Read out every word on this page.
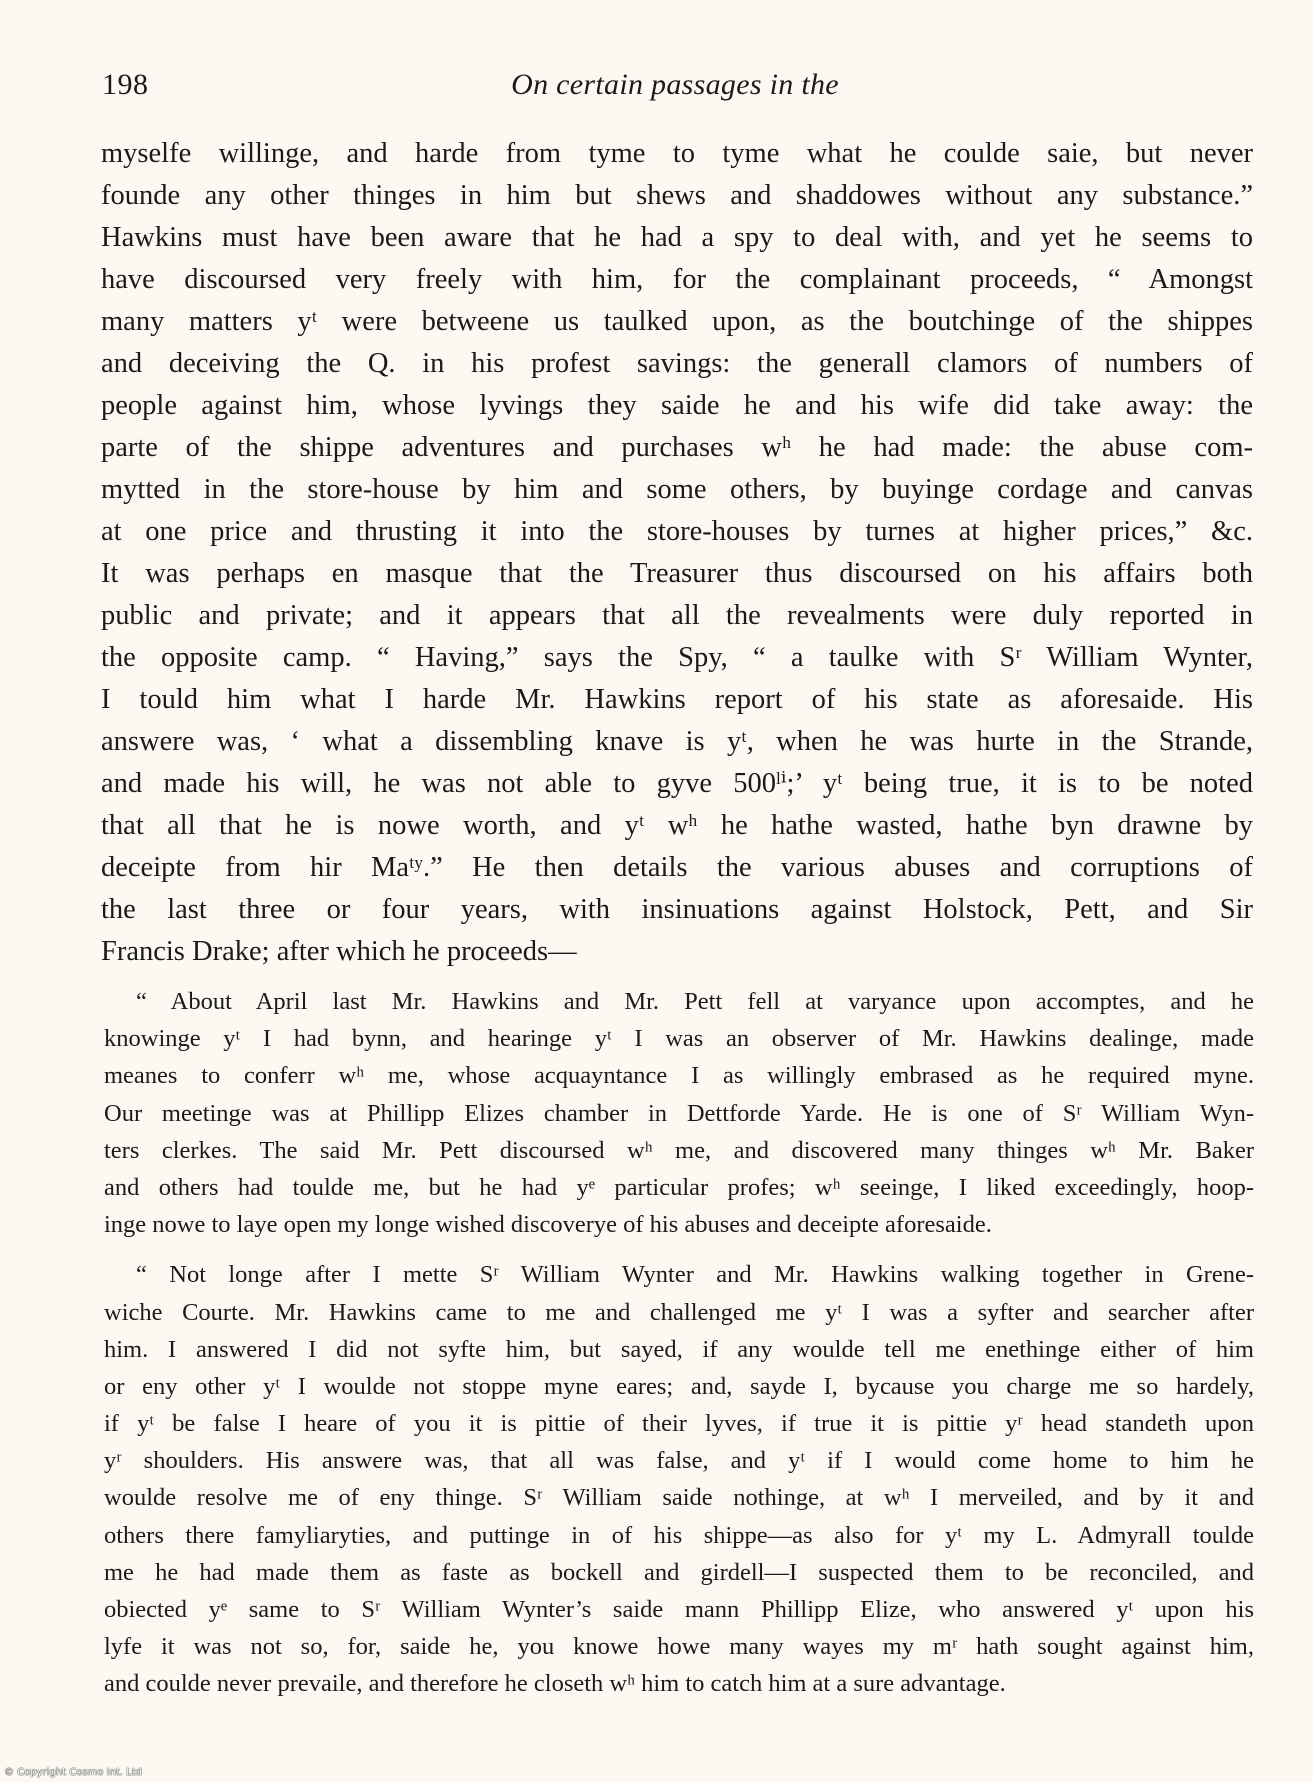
198	On certain passages in the
myselfe willinge, and harde from tyme to tyme what he coulde saie, but never
founde any other thinges in him but shews and shaddowes without any substance.”
Hawkins must have been aware that he had a spy to deal with, and yet he seems to
have discoursed very freely with him, for the complainant proceeds, “ Amongst
many matters yᵗ were betweene us taulked upon, as the boutchinge of the shippes
and deceiving the Q. in his profest savings: the generall clamors of numbers of
people against him, whose lyvings they saide he and his wife did take away: the
parte of the shippe adventures and purchases wʰ he had made: the abuse com-
mytted in the store-house by him and some others, by buyinge cordage and canvas
at one price and thrusting it into the store-houses by turnes at higher prices,” &c.
It was perhaps en masque that the Treasurer thus discoursed on his affairs both
public and private; and it appears that all the revealments were duly reported in
the opposite camp. “ Having,” says the Spy, “ a taulke with Sʳ William Wynter,
I tould him what I harde Mr. Hawkins report of his state as aforesaide. His
answere was, ‘ what a dissembling knave is yᵗ, when he was hurte in the Strande,
and made his will, he was not able to gyve 500ˡⁱ;’ yᵗ being true, it is to be noted
that all that he is nowe worth, and yᵗ wʰ he hathe wasted, hathe byn drawne by
deceipte from hir Maᵗʸ.” He then details the various abuses and corruptions of
the last three or four years, with insinuations against Holstock, Pett, and Sir
Francis Drake; after which he proceeds—
“ About April last Mr. Hawkins and Mr. Pett fell at varyance upon accomptes, and he
knowinge yᵗ I had bynn, and hearinge yᵗ I was an observer of Mr. Hawkins dealinge, made
meanes to conferr wʰ me, whose acquayntance I as willingly embrased as he required myne.
Our meetinge was at Phillipp Elizes chamber in Dettforde Yarde. He is one of Sʳ William Wyn-
ters clerkes. The said Mr. Pett discoursed wʰ me, and discovered many thinges wʰ Mr. Baker
and others had toulde me, but he had yᵉ particular profes; wʰ seeinge, I liked exceedingly, hoop-
inge nowe to laye open my longe wished discoverye of his abuses and deceipte aforesaide.
“ Not longe after I mette Sʳ William Wynter and Mr. Hawkins walking together in Grene-
wiche Courte. Mr. Hawkins came to me and challenged me yᵗ I was a syfter and searcher after
him. I answered I did not syfte him, but sayed, if any woulde tell me enethinge either of him
or eny other yᵗ I woulde not stoppe myne eares; and, sayde I, bycause you charge me so hardely,
if yᵗ be false I heare of you it is pittie of their lyves, if true it is pittie yʳ head standeth upon
yʳ shoulders. His answere was, that all was false, and yᵗ if I would come home to him he
woulde resolve me of eny thinge. Sʳ William saide nothinge, at wʰ I merveiled, and by it and
others there famyliaryties, and puttinge in of his shippe—as also for yᵗ my L. Admyrall toulde
me he had made them as faste as bockell and girdell—I suspected them to be reconciled, and
obiected yᵉ same to Sʳ William Wynter’s saide mann Phillipp Elize, who answered yᵗ upon his
lyfe it was not so, for, saide he, you knowe howe many wayes my mʳ hath sought against him,
and coulde never prevaile, and therefore he closeth wʰ him to catch him at a sure advantage.
© Copyright Cosmo Int. Ltd
